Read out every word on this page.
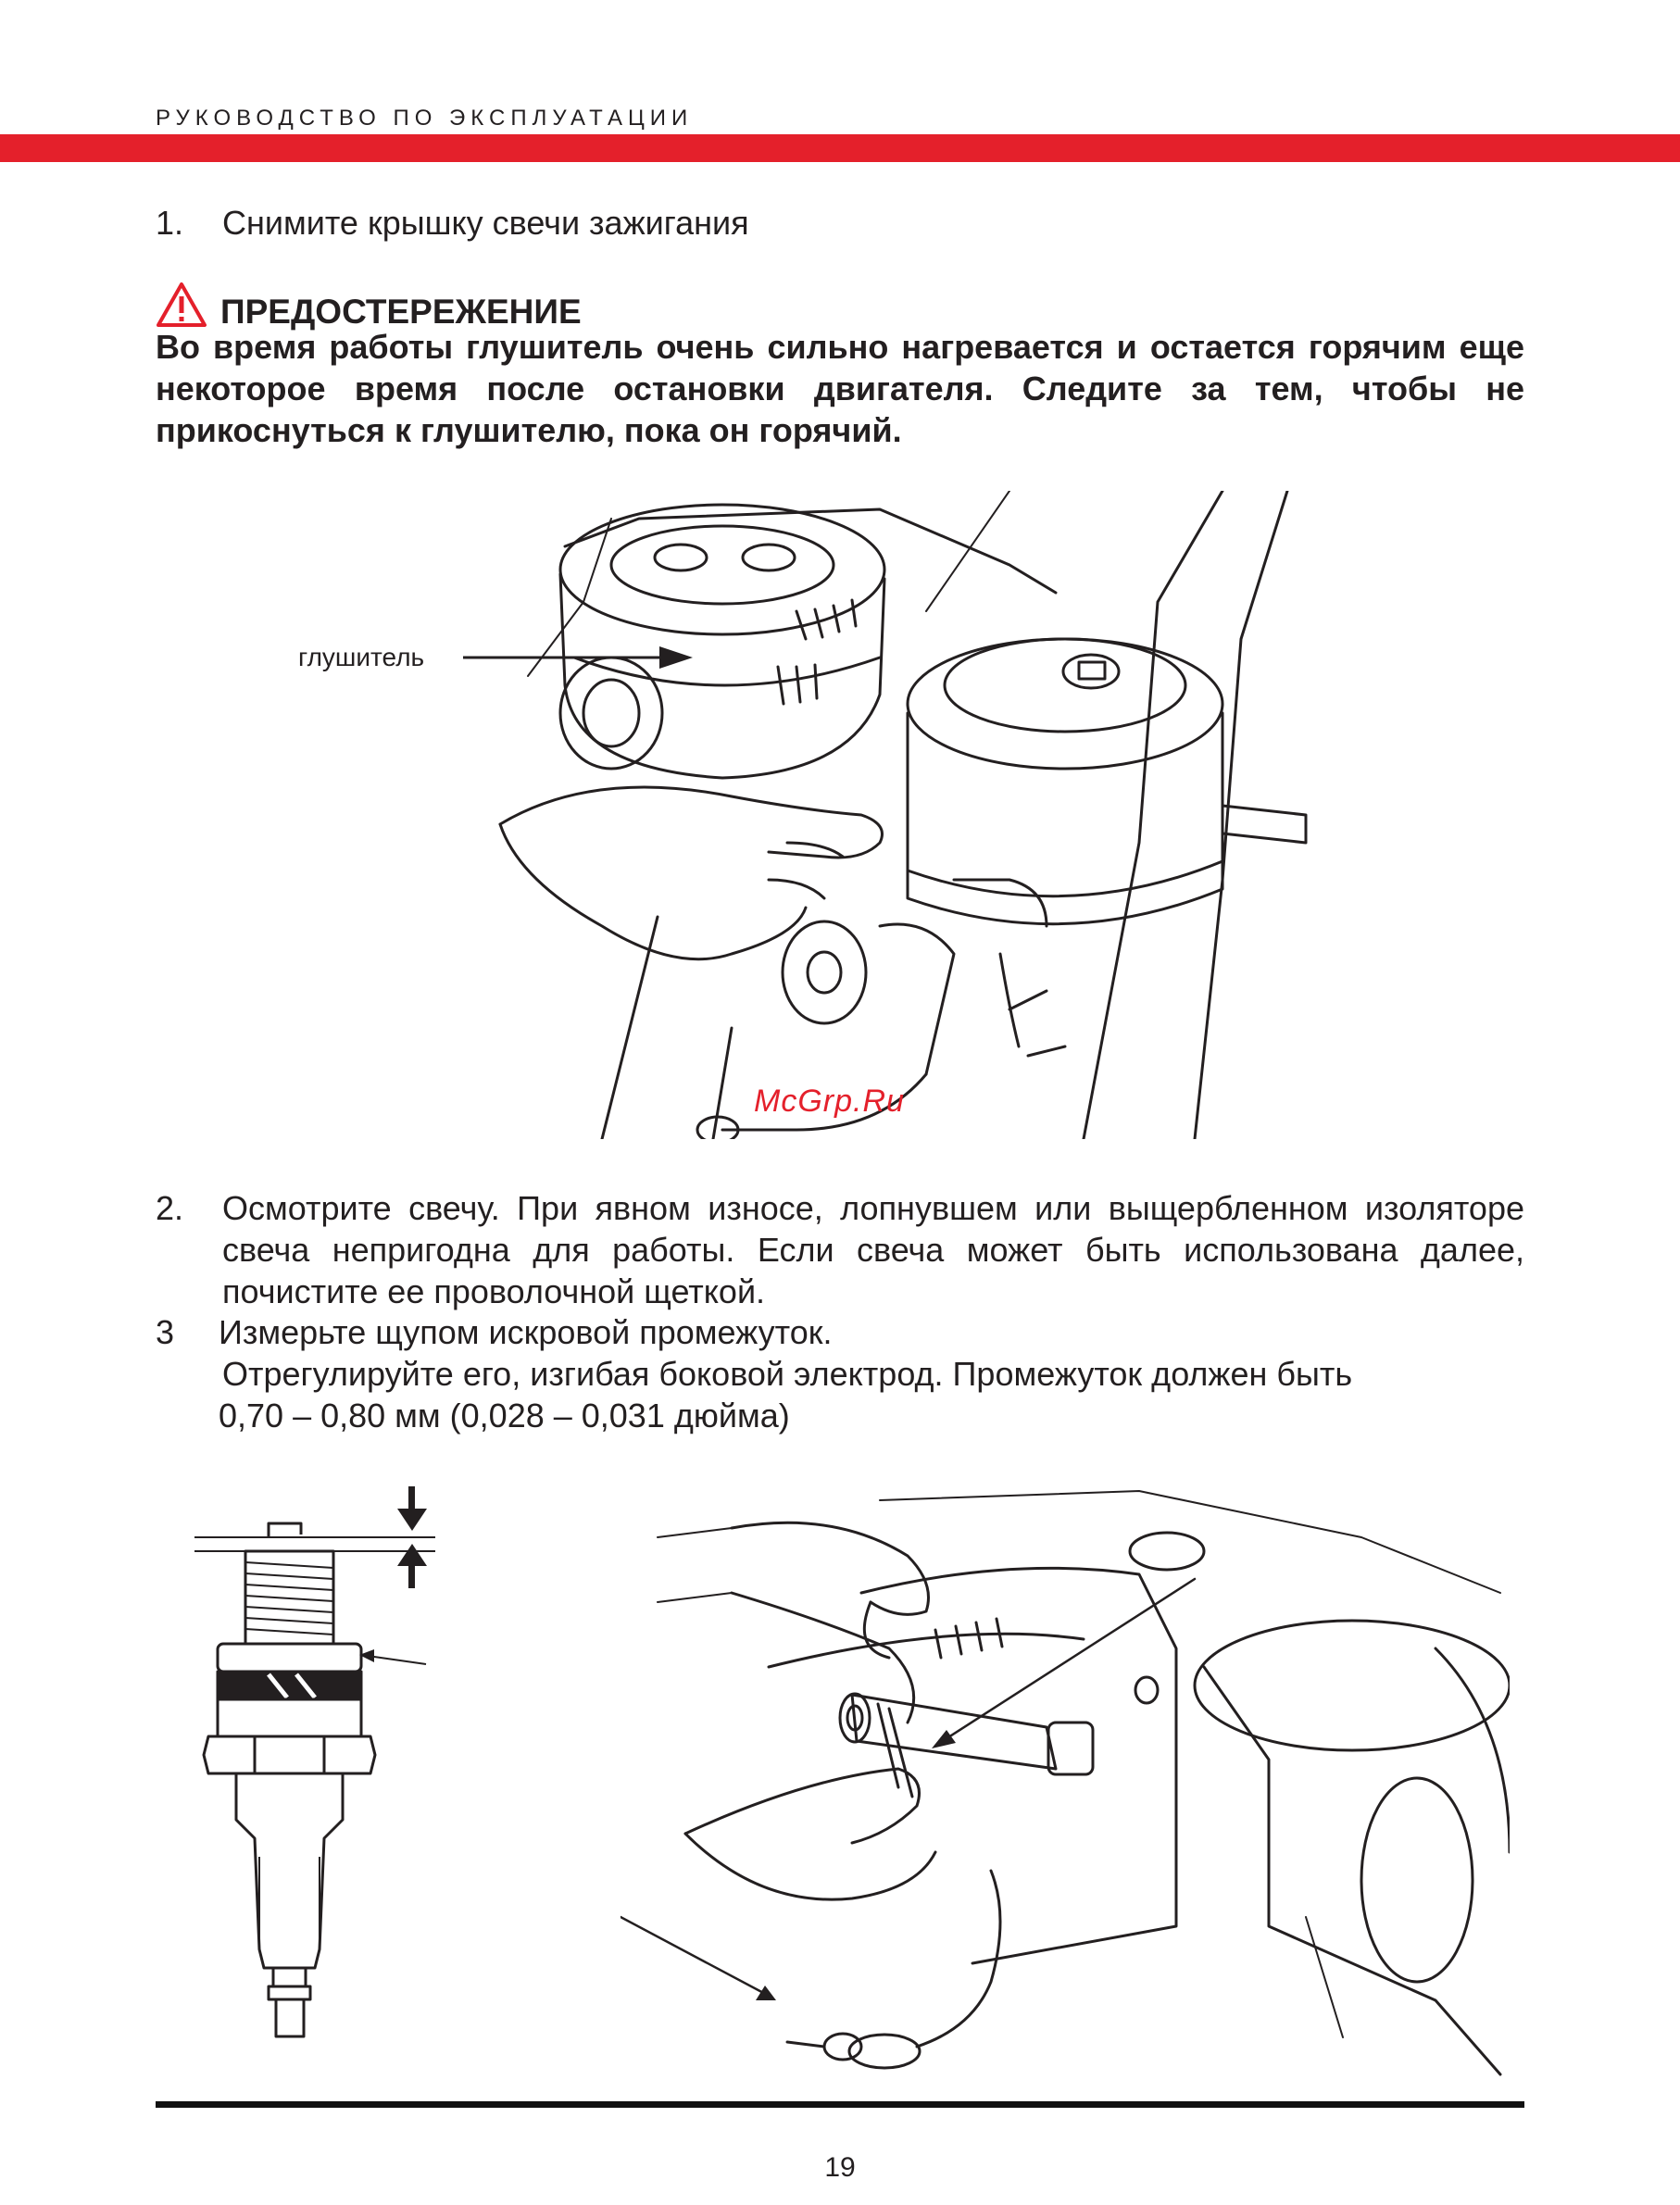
РУКОВОДСТВО ПО ЭКСПЛУАТАЦИИ
1. Снимите крышку свечи зажигания
ПРЕДОСТЕРЕЖЕНИЕ
Во время работы глушитель очень сильно нагревается и остается горячим еще некоторое время после остановки двигателя. Следите за тем, чтобы не прикоснуться к глушителю, пока он горячий.
глушитель
McGrp.Ru
2. Осмотрите свечу. При явном износе, лопнувшем или выщербленном изоляторе свеча непригодна для работы. Если свеча может быть использована далее, почистите ее проволочной щеткой.
3 Измерьте щупом искровой промежуток.
Отрегулируйте его, изгибая боковой электрод. Промежуток должен быть
0,70 – 0,80 мм (0,028 – 0,031 дюйма)
19
